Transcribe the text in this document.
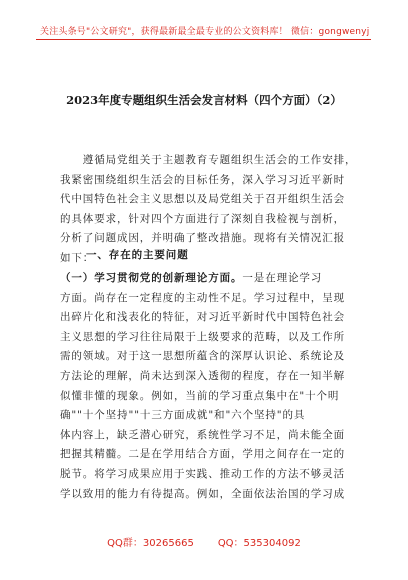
关注头条号"公文研究"，获得最新最全最专业的公文资料库！ 微信：gongwenyj
2023年度专题组织生活会发言材料（四个方面）（2）
　　遵循局党组关于主题教育专题组织生活会的工作安排，
我紧密围绕组织生活会的目标任务，深入学习习近平新时
代中国特色社会主义思想以及局党组关于召开组织生活会
的具体要求，针对四个方面进行了深刻自我检视与剖析，
分析了问题成因，并明确了整改措施。现将有关情况汇报
如下：
一、存在的主要问题
（一）学习贯彻党的创新理论方面。一是在理论学习
方面。尚存在一定程度的主动性不足。学习过程中，呈现
出碎片化和浅表化的特征，对习近平新时代中国特色社会
主义思想的学习往往局限于上级要求的范畴，以及工作所
需的领域。对于这一思想所蕴含的深厚认识论、系统论及
方法论的理解，尚未达到深入透彻的程度，存在一知半解
似懂非懂的现象。例如，当前的学习重点集中在"十个明
确""十个坚持""十三方面成就"和"六个坚持"的具
体内容上，缺乏潜心研究，系统性学习不足，尚未能全面
把握其精髓。二是在学用结合方面，学用之间存在一定的
脱节。将学习成果应用于实践、推动工作的方法不够灵活
学以致用的能力有待提高。例如，全面依法治国的学习成
QQ群：30265665 QQ：535304092
